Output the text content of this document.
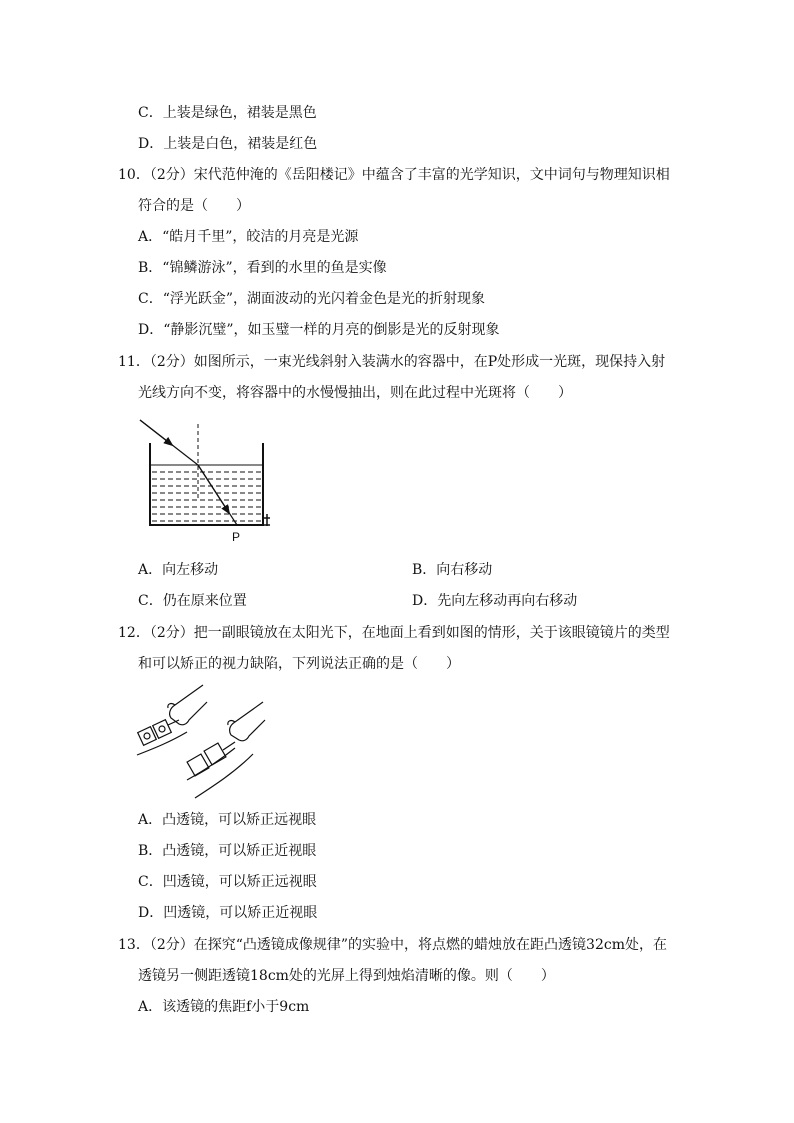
C．上装是绿色，裙装是黑色
D．上装是白色，裙装是红色
10．（2分）宋代范仲淹的《岳阳楼记》中蕴含了丰富的光学知识，文中词句与物理知识相
符合的是（　　）
A．“皓月千里”，皎洁的月亮是光源
B．“锦鳞游泳”，看到的水里的鱼是实像
C．“浮光跃金”，湖面波动的光闪着金色是光的折射现象
D．“静影沉璧”，如玉璧一样的月亮的倒影是光的反射现象
11．（2分）如图所示，一束光线斜射入装满水的容器中，在P处形成一光斑，现保持入射
光线方向不变，将容器中的水慢慢抽出，则在此过程中光斑将（　　）
P
A．向左移动	B．向右移动
C．仍在原来位置	D．先向左移动再向右移动
12．（2分）把一副眼镜放在太阳光下，在地面上看到如图的情形，关于该眼镜镜片的类型
和可以矫正的视力缺陷，下列说法正确的是（　　）
A．凸透镜，可以矫正远视眼
B．凸透镜，可以矫正近视眼
C．凹透镜，可以矫正远视眼
D．凹透镜，可以矫正近视眼
13．（2分）在探究“凸透镜成像规律”的实验中，将点燃的蜡烛放在距凸透镜32cm处，在
透镜另一侧距透镜18cm处的光屏上得到烛焰清晰的像。则（　　）
A．该透镜的焦距f小于9cm
